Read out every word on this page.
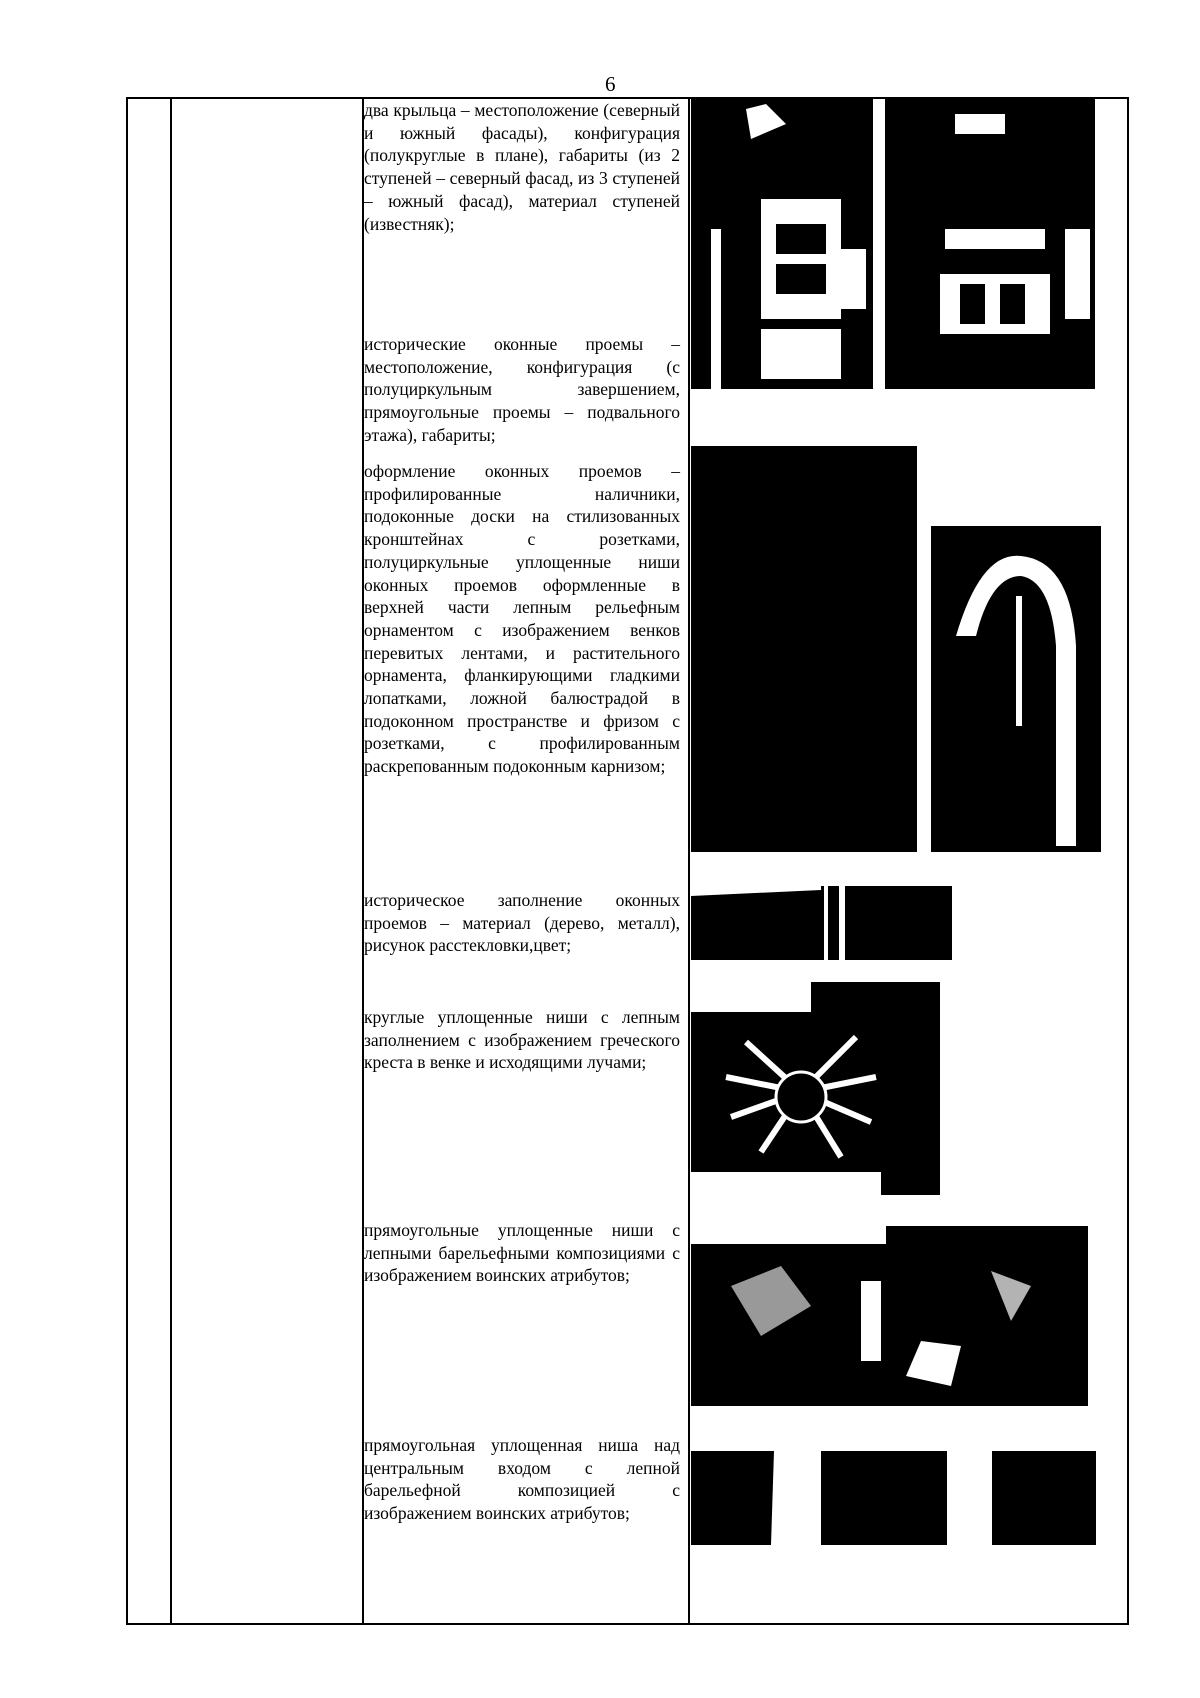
6
два крыльца – местоположение (северный и южный фасады), конфигурация (полукруглые в плане), габариты (из 2 ступеней – северный фасад, из 3 ступеней – южный фасад), материал ступеней (известняк);
исторические оконные проемы – местоположение, конфигурация (с полуциркульным завершением, прямоугольные проемы – подвального этажа), габариты;
оформление оконных проемов – профилированные наличники, подоконные доски на стилизованных кронштейнах с розетками, полуциркульные уплощенные ниши оконных проемов оформленные в верхней части лепным рельефным орнаментом с изображением венков перевитых лентами, и растительного орнамента, фланкирующими гладкими лопатками, ложной балюстрадой в подоконном пространстве и фризом с розетками, с профилированным раскрепованным подоконным карнизом;
историческое заполнение оконных проемов – материал (дерево, металл), рисунок расстекловки,цвет;
круглые уплощенные ниши с лепным заполнением с изображением греческого креста в венке и исходящими лучами;
прямоугольные уплощенные ниши с лепными барельефными композициями с изображением воинских атрибутов;
прямоугольная уплощенная ниша над центральным входом с лепной барельефной композицией с изображением воинских атрибутов;
